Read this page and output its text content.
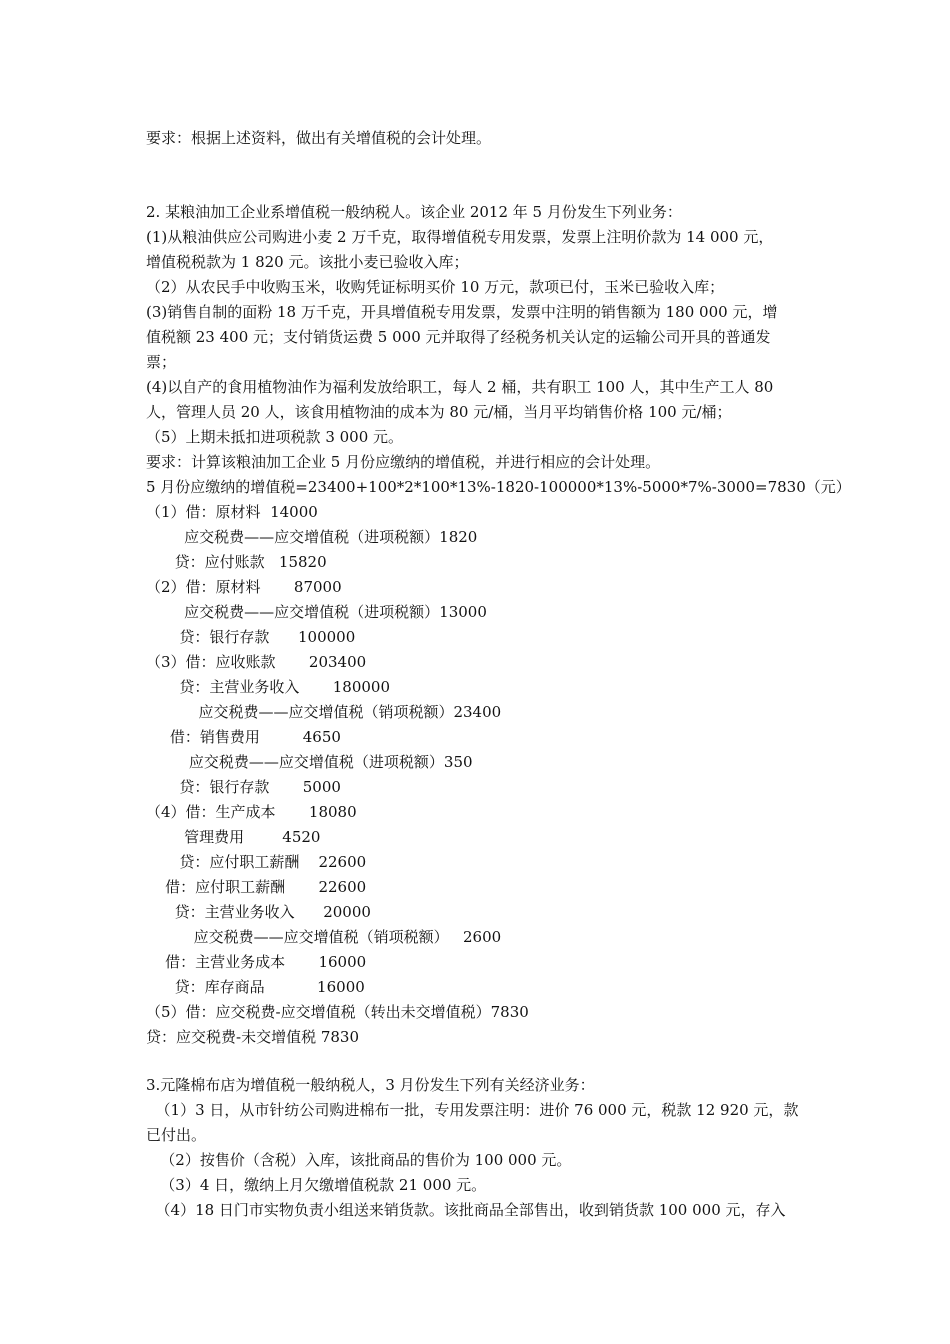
要求：根据上述资料，做出有关增值税的会计处理。
2. 某粮油加工企业系增值税一般纳税人。该企业 2012 年 5 月份发生下列业务：
(1)从粮油供应公司购进小麦 2 万千克，取得增值税专用发票，发票上注明价款为 14 000 元，
增值税税款为 1 820 元。该批小麦已验收入库；
（2）从农民手中收购玉米，收购凭证标明买价 10 万元，款项已付，玉米已验收入库；
(3)销售自制的面粉 18 万千克，开具增值税专用发票，发票中注明的销售额为 180 000 元，增
值税额 23 400 元；支付销货运费 5 000 元并取得了经税务机关认定的运输公司开具的普通发
票；
(4)以自产的食用植物油作为福利发放给职工，每人 2 桶，共有职工 100 人，其中生产工人 80
人，管理人员 20 人，该食用植物油的成本为 80 元/桶，当月平均销售价格 100 元/桶；
（5）上期未抵扣进项税款 3 000 元。
要求：计算该粮油加工企业 5 月份应缴纳的增值税，并进行相应的会计处理。
5 月份应缴纳的增值税=23400+100*2*100*13%-1820-100000*13%-5000*7%-3000=7830（元）
（1）借：原材料  14000
应交税费——应交增值税（进项税额）1820
贷：应付账款   15820
（2）借：原材料       87000
应交税费——应交增值税（进项税额）13000
贷：银行存款      100000
（3）借：应收账款       203400
贷：主营业务收入       180000
应交税费——应交增值税（销项税额）23400
借：销售费用         4650
应交税费——应交增值税（进项税额）350
贷：银行存款       5000
（4）借：生产成本       18080
管理费用        4520
贷：应付职工薪酬    22600
借：应付职工薪酬       22600
贷：主营业务收入      20000
应交税费——应交增值税（销项税额）   2600
借：主营业务成本       16000
贷：库存商品           16000
（5）借：应交税费-应交增值税（转出未交增值税）7830
贷：应交税费-未交增值税 7830
3.元隆棉布店为增值税一般纳税人，3 月份发生下列有关经济业务：
（1）3 日，从市针纺公司购进棉布一批，专用发票注明：进价 76 000 元，税款 12 920 元，款
已付出。
（2）按售价（含税）入库，该批商品的售价为 100 000 元。
（3）4 日，缴纳上月欠缴增值税款 21 000 元。
（4）18 日门市实物负责小组送来销货款。该批商品全部售出，收到销货款 100 000 元，存入
